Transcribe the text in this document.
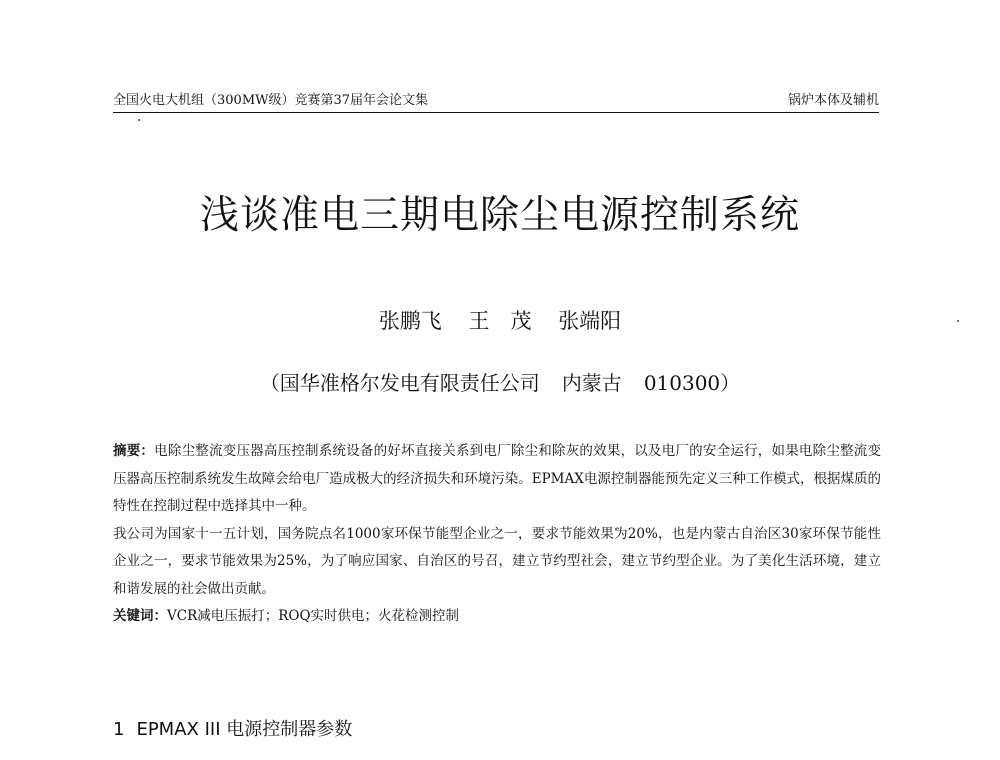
全国火电大机组（300MW级）竞赛第37届年会论文集	锅炉本体及辅机
浅谈准电三期电除尘电源控制系统
张鹏飞 王　茂 张端阳
（国华准格尔发电有限责任公司 内蒙古 010300）

摘要：电除尘整流变压器高压控制系统设备的好坏直接关系到电厂除尘和除灰的效果，以及电厂的安全运行，如果电除尘整流变压器高压控制系统发生故障会给电厂造成极大的经济损失和环境污染。EPMAX电源控制器能预先定义三种工作模式，根据煤质的特性在控制过程中选择其中一种。

我公司为国家十一五计划，国务院点名1000家环保节能型企业之一，要求节能效果为20%，也是内蒙古自治区30家环保节能性企业之一，要求节能效果为25%，为了响应国家、自治区的号召，建立节约型社会，建立节约型企业。为了美化生活环境，建立和谐发展的社会做出贡献。

关键词：VCR减电压振打；ROQ实时供电；火花检测控制

1 EPMAX III 电源控制器参数
